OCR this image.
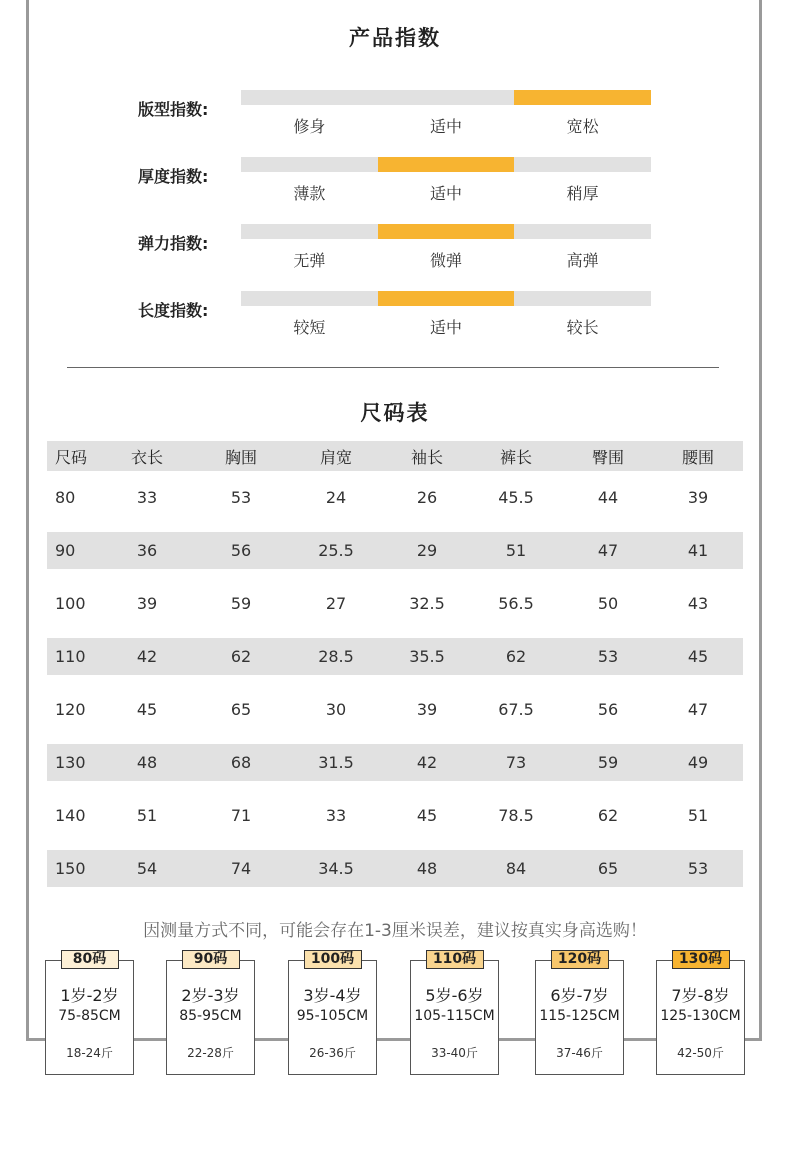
产品指数
版型指数:
修身	适中	宽松
厚度指数:
薄款	适中	稍厚
弹力指数:
无弹	微弹	高弹
长度指数:
较短	适中	较长
尺码表
尺码	衣长	胸围	肩宽	袖长	裤长	臀围	腰围
80	33	53	24	26	45.5	44	39
90	36	56	25.5	29	51	47	41
100	39	59	27	32.5	56.5	50	43
110	42	62	28.5	35.5	62	53	45
120	45	65	30	39	67.5	56	47
130	48	68	31.5	42	73	59	49
140	51	71	33	45	78.5	62	51
150	54	74	34.5	48	84	65	53
因测量方式不同，可能会存在1-3厘米误差，建议按真实身高选购！
80码
1岁-2岁
75-85CM
18-24斤
90码
2岁-3岁
85-95CM
22-28斤
100码
3岁-4岁
95-105CM
26-36斤
110码
5岁-6岁
105-115CM
33-40斤
120码
6岁-7岁
115-125CM
37-46斤
130码
7岁-8岁
125-130CM
42-50斤
